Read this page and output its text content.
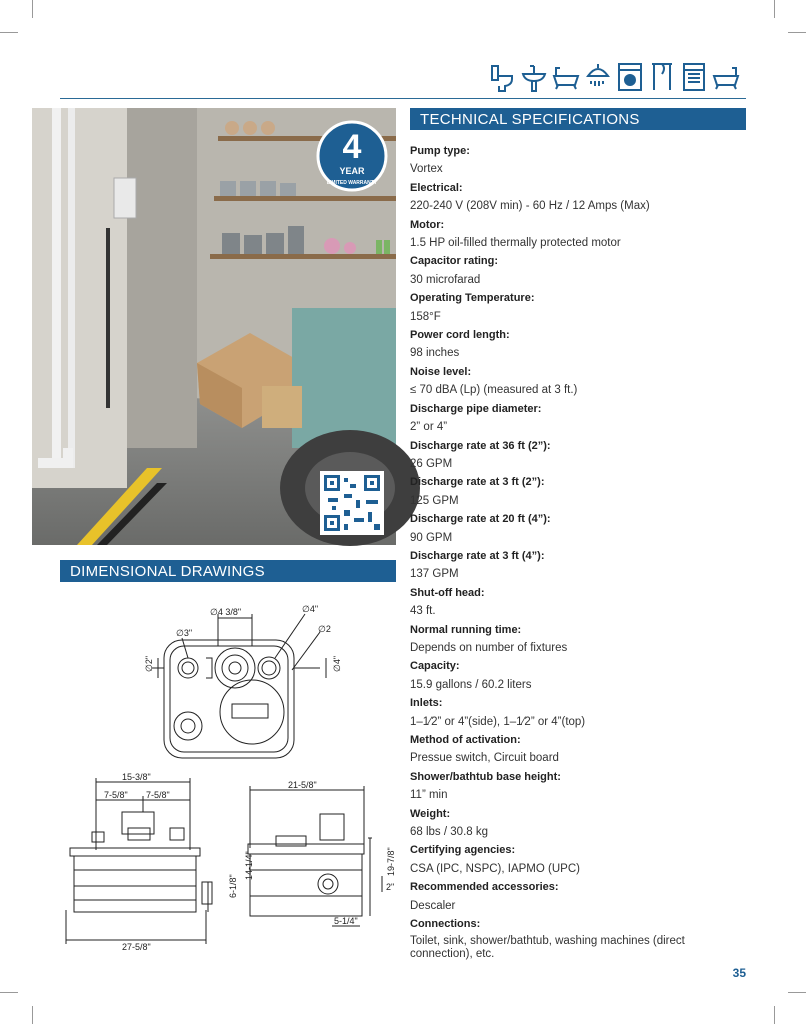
4
YEAR
LIMITED WARRANTY
TECHNICAL SPECIFICATIONS
DIMENSIONAL DRAWINGS
Pump type:
Vortex
Electrical:
220-240 V (208V min) - 60 Hz / 12 Amps (Max)
Motor:
1.5 HP oil-filled thermally protected motor
Capacitor rating:
30 microfarad
Operating Temperature:
158°F
Power cord length:
98 inches
Noise level:
≤ 70 dBA (Lp) (measured at 3 ft.)
Discharge pipe diameter:
2” or 4”
Discharge rate at 36 ft (2”):
26 GPM
Discharge rate at 3 ft (2”):
125 GPM
Discharge rate at 20 ft (4”):
90 GPM
Discharge rate at 3 ft (4”):
137 GPM
Shut-off head:
43 ft.
Normal running time:
Depends on number of fixtures
Capacity:
15.9 gallons / 60.2 liters
Inlets:
1–1⁄2” or 4”(side), 1–1⁄2” or 4”(top)
Method of activation:
Pressue switch, Circuit board
Shower/bathtub base height:
11” min
Weight:
68 lbs / 30.8 kg
Certifying agencies:
CSA (IPC, NSPC), IAPMO (UPC)
Recommended accessories:
Descaler
Connections:
Toilet, sink, shower/bathtub, washing machines (direct connection), etc.
∅4 3/8"	∅4"
∅3"	∅2
∅2"	∅4"
15-3/8"
7-5/8" 7-5/8"
27-5/8"
6-1/8"
14-1/4"
21-5/8"
19-7/8"
2"
5-1/4"
35
